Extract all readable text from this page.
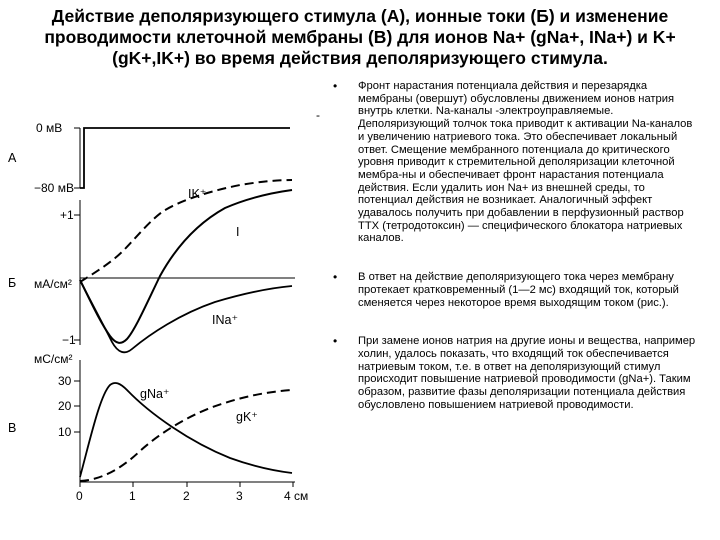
Действие деполяризующего стимула (А), ионные токи (Б) и изменение
проводимости клеточной мембраны (В) для ионов Na+ (gNa+, INa+) и K+
(gK+,IK+) во время действия деполяризующего стимула.
А
Б
В
0 мВ
−80 мВ
+1
мА/см²
−1
IK⁺
I
INa⁺
мС/см²
30
20
10
gNa⁺
gK⁺
0	1	2	3	4 см
-
• Фронт нарастания потенциала действия и перезарядка мембраны (овершут) обусловлены движением ионов натрия внутрь клетки. Na-каналы -электроуправляемые. Деполяризующий толчок тока приводит к активации Na-каналов и увеличению натриевого тока. Это обеспечивает локальный ответ. Смещение мембранного потенциала до критического уровня приводит к стремительной деполяризации клеточной мембра-ны и обеспечивает фронт нарастания потенциала действия. Если удалить ион Na+ из внешней среды, то потенциал действия не возникает. Аналогичный эффект удавалось получить при добавлении в перфузионный раствор ТТХ (тетродотоксин) — специфического блокатора натриевых каналов.
• В ответ на действие деполяризующего тока через мембрану протекает кратковременный (1—2 мс) входящий ток, который сменяется через некоторое время выходящим током (рис.).
• При замене ионов натрия на другие ионы и вещества, например холин, удалось показать, что входящий ток обеспечивается натриевым током, т.е. в ответ на деполяризующий стимул происходит повышение натриевой проводимости (gNa+). Таким образом, развитие фазы деполяризации потенциала действия обусловлено повышением натриевой проводимости.
